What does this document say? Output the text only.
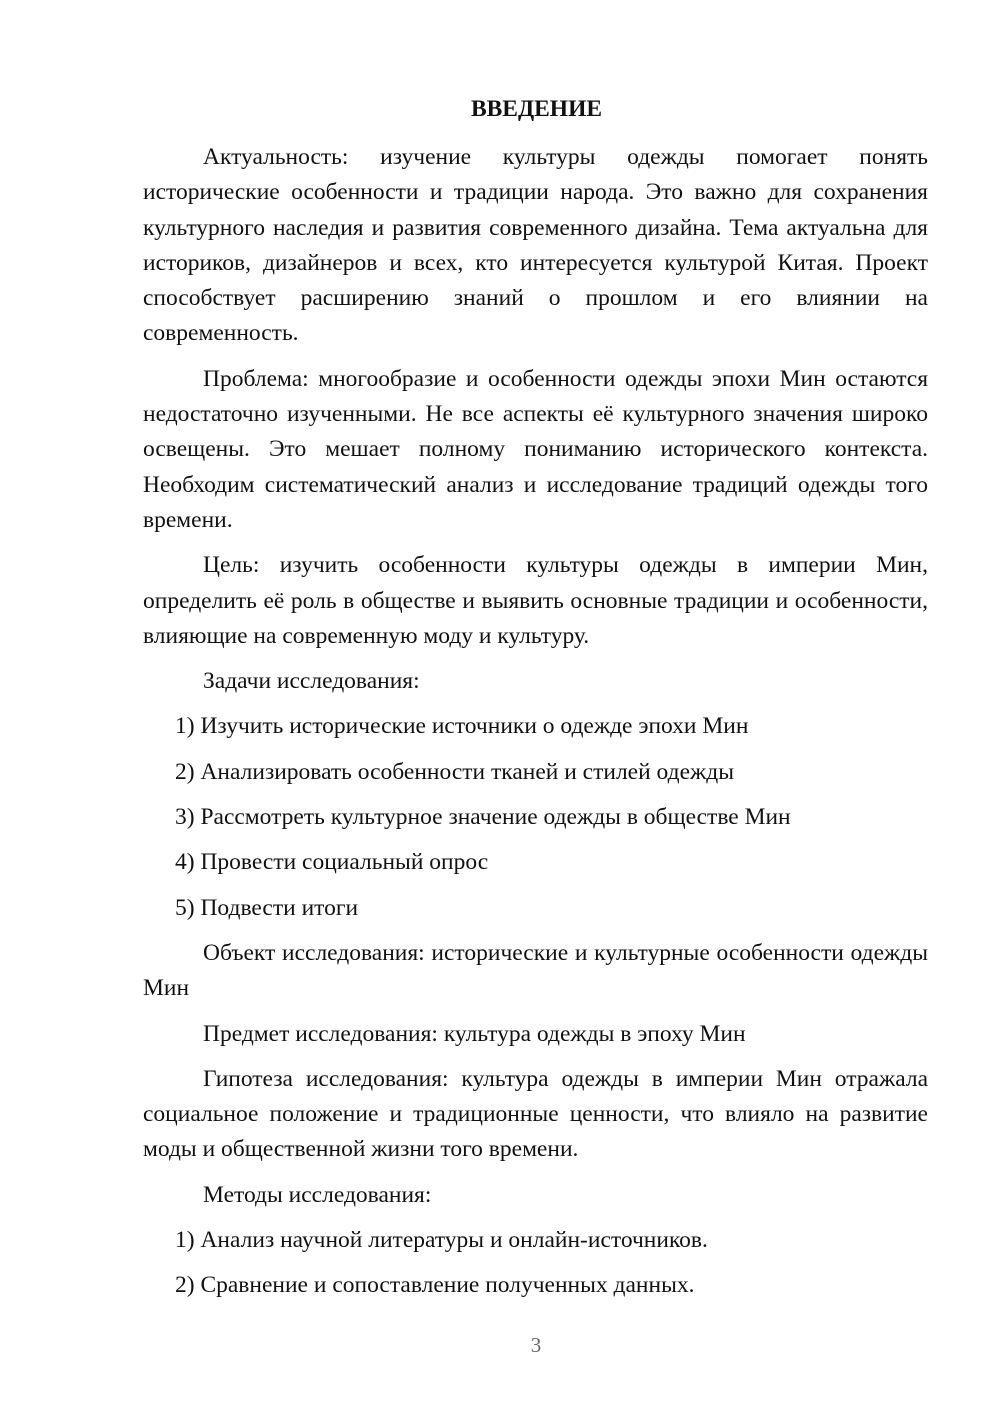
ВВЕДЕНИЕ

Актуальность: изучение культуры одежды помогает понять исторические особенности и традиции народа. Это важно для сохранения культурного наследия и развития современного дизайна. Тема актуальна для историков, дизайнеров и всех, кто интересуется культурой Китая. Проект способствует расширению знаний о прошлом и его влиянии на современность.

Проблема: многообразие и особенности одежды эпохи Мин остаются недостаточно изученными. Не все аспекты её культурного значения широко освещены. Это мешает полному пониманию исторического контекста. Необходим систематический анализ и исследование традиций одежды того времени.

Цель: изучить особенности культуры одежды в империи Мин, определить её роль в обществе и выявить основные традиции и особенности, влияющие на современную моду и культуру.

Задачи исследования:

1) Изучить исторические источники о одежде эпохи Мин
2) Анализировать особенности тканей и стилей одежды
3) Рассмотреть культурное значение одежды в обществе Мин
4) Провести социальный опрос
5) Подвести итоги

Объект исследования: исторические и культурные особенности одежды Мин

Предмет исследования: культура одежды в эпоху Мин

Гипотеза исследования: культура одежды в империи Мин отражала социальное положение и традиционные ценности, что влияло на развитие моды и общественной жизни того времени.

Методы исследования:

1) Анализ научной литературы и онлайн-источников.
2) Сравнение и сопоставление полученных данных.
3
